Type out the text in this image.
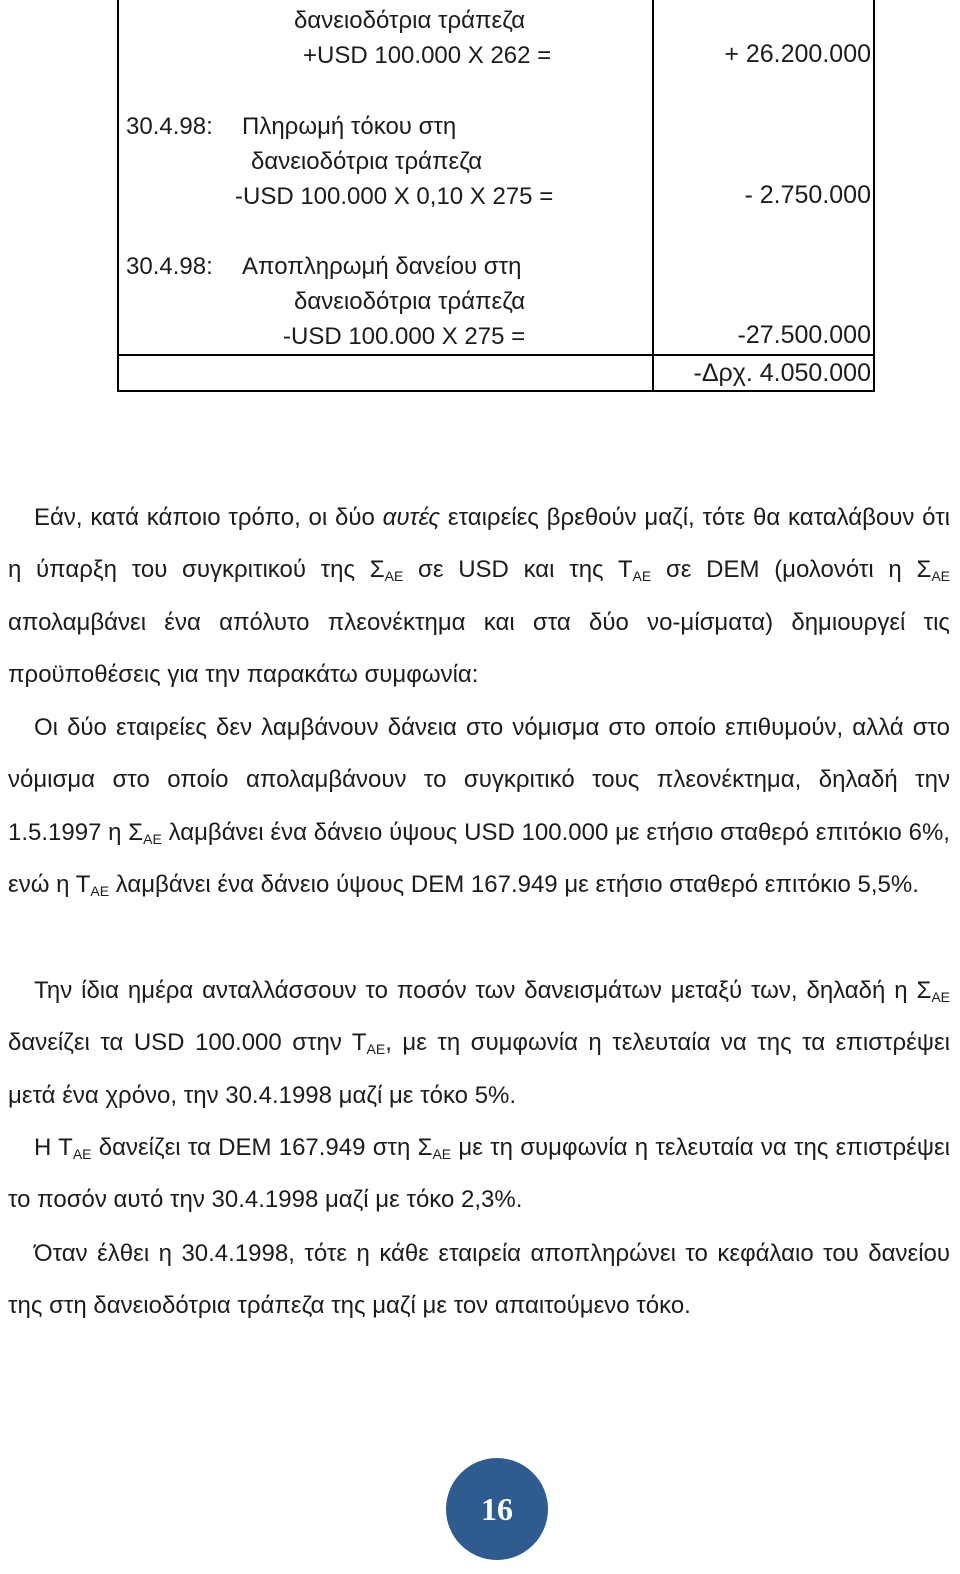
δανειοδότρια τράπεζα
+USD 100.000 X 262 =	+ 26.200.000
30.4.98: Πληρωμή τόκου στη
δανειοδότρια τράπεζα
-USD 100.000 X 0,10 X 275 =	- 2.750.000
30.4.98: Αποπληρωμή δανείου στη
δανειοδότρια τράπεζα
-USD 100.000 X 275 =	-27.500.000
-Δρχ. 4.050.000

Εάν, κατά κάποιο τρόπο, οι δύο αυτές εταιρείες βρεθούν μαζί, τότε θα καταλάβουν ότι η ύπαρξη του συγκριτικού της $\Sigma_{AE}$ σε USD και της $T_{AE}$ σε DEM (μολονότι η $\Sigma_{AE}$ απολαμβάνει ένα απόλυτο πλεονέκτημα και στα δύο νο-μίσματα) δημιουργεί τις προϋποθέσεις για την παρακάτω συμφωνία:

Οι δύο εταιρείες δεν λαμβάνουν δάνεια στο νόμισμα στο οποίο επιθυμούν, αλλά στο νόμισμα στο οποίο απολαμβάνουν το συγκριτικό τους πλεονέκτημα, δηλαδή την 1.5.1997 η $\Sigma_{AE}$ λαμβάνει ένα δάνειο ύψους USD 100.000 με ετήσιο σταθερό επιτόκιο 6%, ενώ η $T_{AE}$ λαμβάνει ένα δάνειο ύψους DEM 167.949 με ετήσιο σταθερό επιτόκιο 5,5%.

Την ίδια ημέρα ανταλλάσσουν το ποσόν των δανεισμάτων μεταξύ των, δηλαδή η $\Sigma_{AE}$ δανείζει τα USD 100.000 στην $T_{AE}$, με τη συμφωνία η τελευταία να της τα επιστρέψει μετά ένα χρόνο, την 30.4.1998 μαζί με τόκο 5%.

Η $T_{AE}$ δανείζει τα DEM 167.949 στη $\Sigma_{AE}$ με τη συμφωνία η τελευταία να της επιστρέψει το ποσόν αυτό την 30.4.1998 μαζί με τόκο 2,3%.

Όταν έλθει η 30.4.1998, τότε η κάθε εταιρεία αποπληρώνει το κεφάλαιο του δανείου της στη δανειοδότρια τράπεζα της μαζί με τον απαιτούμενο τόκο.

16
